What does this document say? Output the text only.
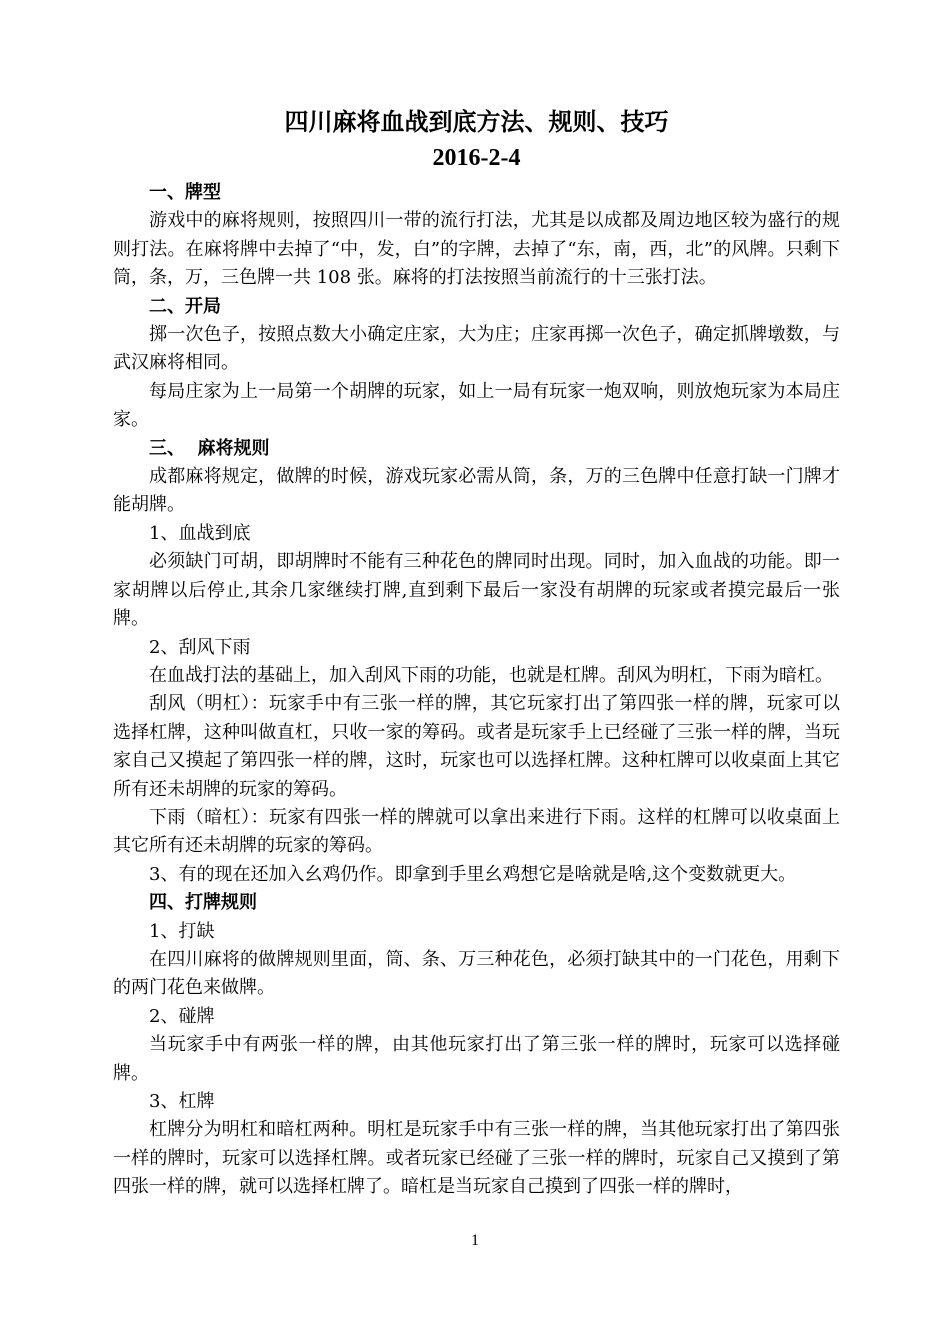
四川麻将血战到底方法、规则、技巧
2016-2-4
一、牌型
游戏中的麻将规则，按照四川一带的流行打法，尤其是以成都及周边地区较为盛行的规则打法。在麻将牌中去掉了“中，发，白”的字牌，去掉了“东，南，西，北”的风牌。只剩下筒，条，万，三色牌一共 108 张。麻将的打法按照当前流行的十三张打法。
二、开局
掷一次色子，按照点数大小确定庄家，大为庄；庄家再掷一次色子，确定抓牌墩数，与武汉麻将相同。
每局庄家为上一局第一个胡牌的玩家，如上一局有玩家一炮双响，则放炮玩家为本局庄家。
三、  麻将规则
成都麻将规定，做牌的时候，游戏玩家必需从筒，条，万的三色牌中任意打缺一门牌才能胡牌。
1、血战到底
必须缺门可胡，即胡牌时不能有三种花色的牌同时出现。同时，加入血战的功能。即一家胡牌以后停止,其余几家继续打牌,直到剩下最后一家没有胡牌的玩家或者摸完最后一张牌。
2、刮风下雨
在血战打法的基础上，加入刮风下雨的功能，也就是杠牌。刮风为明杠，下雨为暗杠。
刮风（明杠）：玩家手中有三张一样的牌，其它玩家打出了第四张一样的牌，玩家可以选择杠牌，这种叫做直杠，只收一家的筹码。或者是玩家手上已经碰了三张一样的牌，当玩家自己又摸起了第四张一样的牌，这时，玩家也可以选择杠牌。这种杠牌可以收桌面上其它所有还未胡牌的玩家的筹码。
下雨（暗杠）：玩家有四张一样的牌就可以拿出来进行下雨。这样的杠牌可以收桌面上其它所有还未胡牌的玩家的筹码。
3、有的现在还加入幺鸡仍作。即拿到手里幺鸡想它是啥就是啥,这个变数就更大。
四、打牌规则
1、打缺
在四川麻将的做牌规则里面，筒、条、万三种花色，必须打缺其中的一门花色，用剩下的两门花色来做牌。
2、碰牌
当玩家手中有两张一样的牌，由其他玩家打出了第三张一样的牌时，玩家可以选择碰牌。
3、杠牌
杠牌分为明杠和暗杠两种。明杠是玩家手中有三张一样的牌，当其他玩家打出了第四张一样的牌时，玩家可以选择杠牌。或者玩家已经碰了三张一样的牌时，玩家自己又摸到了第四张一样的牌，就可以选择杠牌了。暗杠是当玩家自己摸到了四张一样的牌时，
1
